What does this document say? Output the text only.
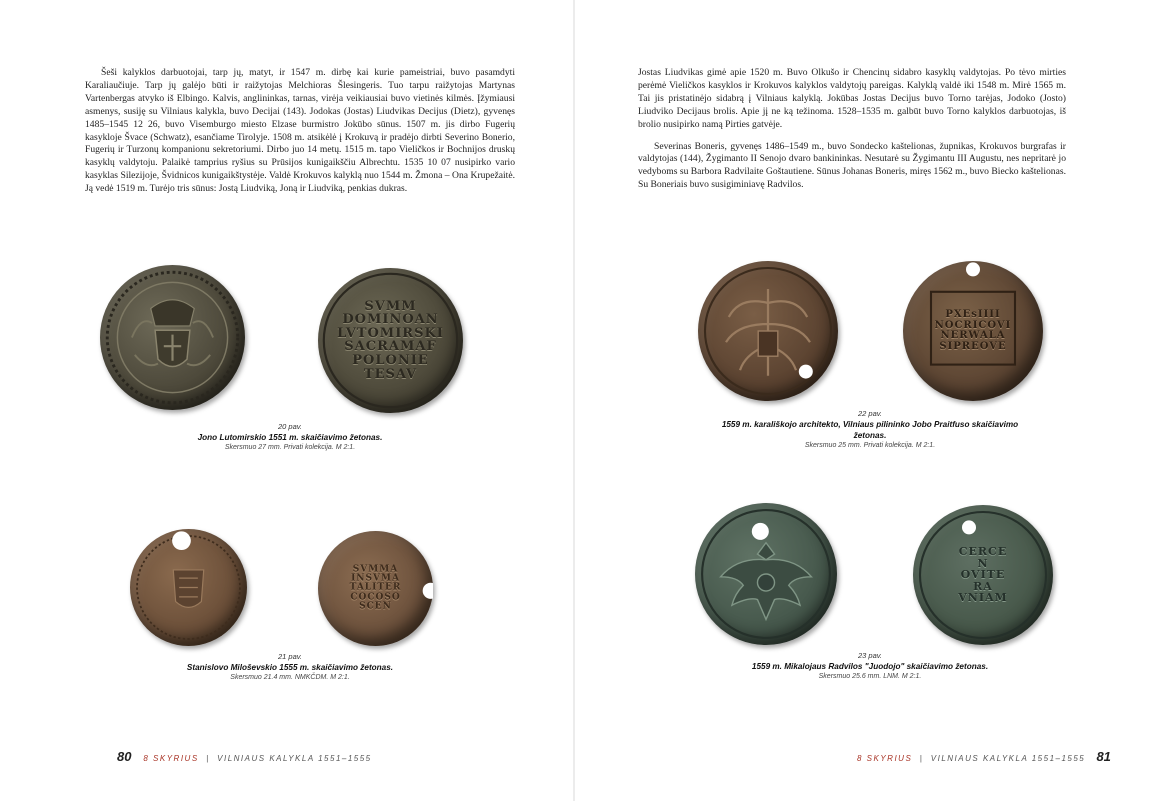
Šeši kalyklos darbuotojai, tarp jų, matyt, ir 1547 m. dirbę kai kurie pameistriai, buvo pasamdyti Karaliaučiuje. Tarp jų galėjo būti ir raižytojas Melchioras Šlesingeris. Tuo tarpu raižytojas Martynas Vartenbergas atvyko iš Elbingo. Kalvis, anglininkas, tarnas, virėja veikiausiai buvo vietinės kilmės. Įžymiausi asmenys, susiję su Vilniaus kalykla, buvo Decijai (143). Jodokas (Jostas) Liudvikas Decijus (Dietz), gyvenęs 1485–1545 12 26, buvo Visemburgo miesto Elzase burmistro Jokūbo sūnus. 1507 m. jis dirbo Fugerių kasykloje Švace (Schwatz), esančiame Tirolyje. 1508 m. atsikėlė į Krokuvą ir pradėjo dirbti Severino Bonerio, Fugerių ir Turzonų kompanionu sekretoriumi. Dirbo juo 14 metų. 1515 m. tapo Vieličkos ir Bochnijos druskų kasyklų valdytoju. Palaikė tamprius ryšius su Prūsijos kunigaikščiu Albrechtu. 1535 10 07 nusipirko vario kasyklas Silezijoje, Švidnicos kunigaikštystėje. Valdė Krokuvos kalyklą nuo 1544 m. Žmona – Ona Krupežaitė. Ją vedė 1519 m. Turėjo tris sūnus: Jostą Liudviką, Joną ir Liudviką, penkias dukras.

SVMM
DOMINOAN
LVTOMIRSKI
SACRAMAF
POLONIE
TESAV
20 pav.
Jono Lutomirskio 1551 m. skaičiavimo žetonas.
Skersmuo 27 mm. Privati kolekcija. M 2:1.
SVMMA
INSVMA
TALITER
COCOSO
SCEN
21 pav.
Stanislovo Miloševskio 1555 m. skaičiavimo žetonas.
Skersmuo 21.4 mm. NMKČDM. M 2:1.
80 8 SKYRIUS  |  VILNIAUS KALYKLA 1551–1555

Jostas Liudvikas gimė apie 1520 m. Buvo Olkušo ir Chencinų sidabro kasyklų valdytojas. Po tėvo mirties perėmė Vieličkos kasyklos ir Krokuvos kalyklos valdytojų pareigas. Kalyklą valdė iki 1548 m. Mirė 1565 m. Tai jis pristatinėjo sidabrą į Vilniaus kalyklą. Jokūbas Jostas Decijus buvo Torno tarėjas, Jodoko (Josto) Liudviko Decijaus brolis. Apie jį ne ką težinoma. 1528–1535 m. galbūt buvo Torno kalyklos darbuotojas, iš brolio nusipirko namą Pirties gatvėje.

Severinas Boneris, gyvenęs 1486–1549 m., buvo Sondecko kaštelionas, župnikas, Krokuvos burgrafas ir valdytojas (144), Žygimanto II Senojo dvaro bankininkas. Nesutarė su Žygimantu III Augustu, nes nepritarė jo vedyboms su Barbora Radvilaite Goštautiene. Sūnus Johanas Boneris, miręs 1562 m., buvo Biecko kaštelionas. Su Boneriais buvo susigiminiavę Radvilos.

PXEsIIII
NOCRICOVI
NERWALA
SIPREOVE
22 pav.
1559 m. karališkojo architekto, Vilniaus pilininko Jobo Praitfuso skaičiavimo žetonas.
Skersmuo 25 mm. Privati kolekcija. M 2:1.
CERCE
N
OVITE
RA
VNIAM
23 pav.
1559 m. Mikalojaus Radvilos "Juodojo" skaičiavimo žetonas.
Skersmuo 25.6 mm. LNM. M 2:1.
8 SKYRIUS  |  VILNIAUS KALYKLA 1551–1555 81
